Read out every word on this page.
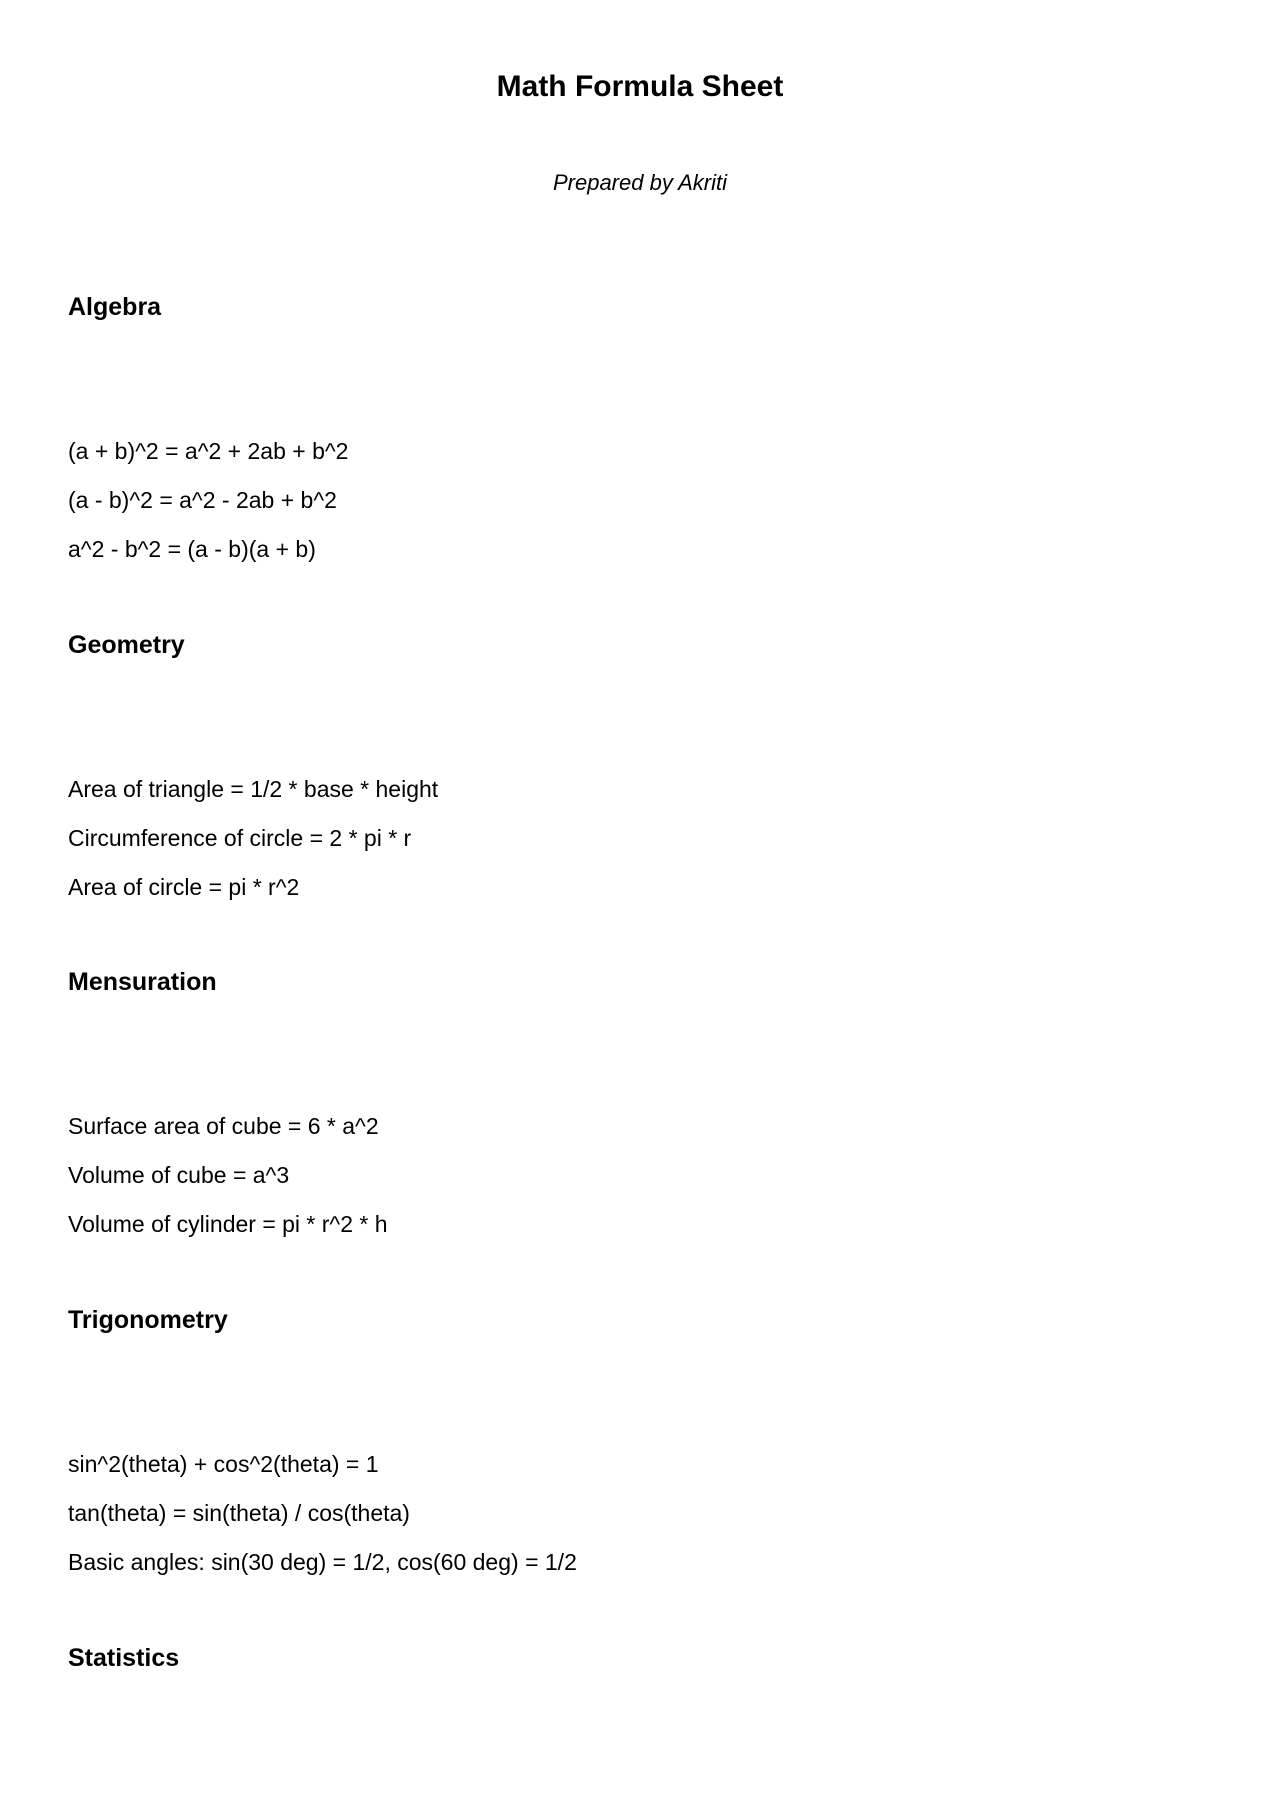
Math Formula Sheet

Prepared by Akriti

Algebra
(a + b)^2 = a^2 + 2ab + b^2
(a - b)^2 = a^2 - 2ab + b^2
a^2 - b^2 = (a - b)(a + b)
Geometry
Area of triangle = 1/2 * base * height
Circumference of circle = 2 * pi * r
Area of circle = pi * r^2
Mensuration
Surface area of cube = 6 * a^2
Volume of cube = a^3
Volume of cylinder = pi * r^2 * h
Trigonometry
sin^2(theta) + cos^2(theta) = 1
tan(theta) = sin(theta) / cos(theta)
Basic angles: sin(30 deg) = 1/2, cos(60 deg) = 1/2
Statistics
